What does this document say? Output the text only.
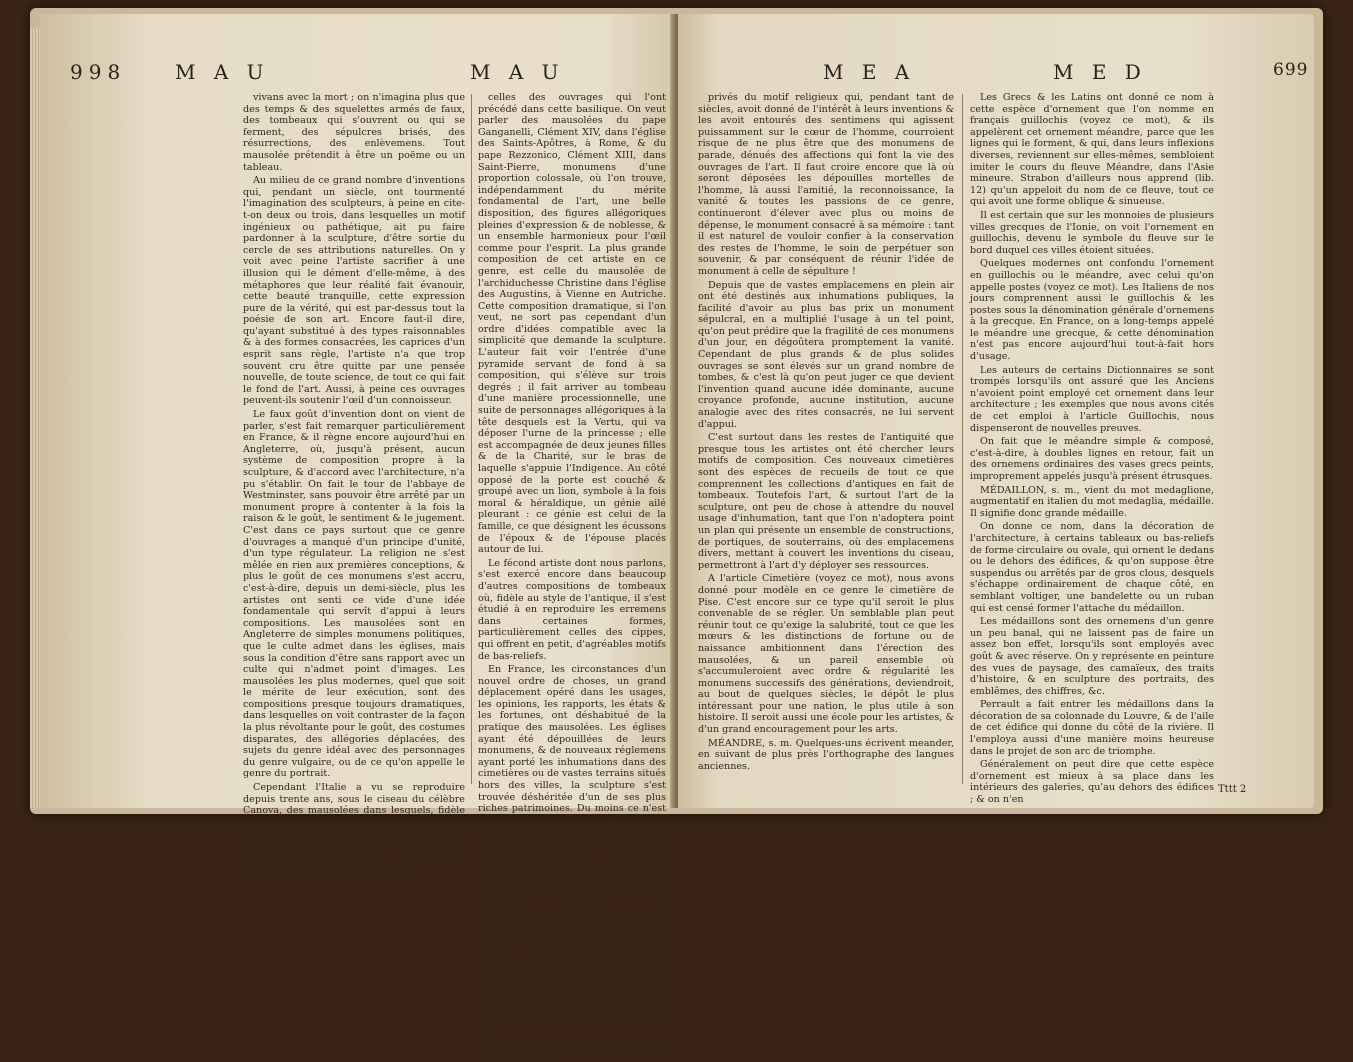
998 M A U	M A U

vivans avec la mort ; on n'imagina plus que des temps & des squelettes armés de faux, des tombeaux qui s'ouvrent ou qui se ferment, des sépulcres brisés, des résurrections, des enlèvemens. Tout mausolée prétendit à être un poëme ou un tableau.

Au milieu de ce grand nombre d'inventions qui, pendant un siècle, ont tourmenté l'imagination des sculpteurs, à peine en cite-t-on deux ou trois, dans lesquelles un motif ingénieux ou pathétique, ait pu faire pardonner à la sculpture, d'être sortie du cercle de ses attributions naturelles. On y voit avec peine l'artiste sacrifier à une illusion qui le dément d'elle-même, à des métaphores que leur réalité fait évanouir, cette beauté tranquille, cette expression pure de la vérité, qui est par-dessus tout la poésie de son art. Encore faut-il dire, qu'ayant substitué à des types raisonnables & à des formes consacrées, les caprices d'un esprit sans règle, l'artiste n'a que trop souvent cru être quitte par une pensée nouvelle, de toute science, de tout ce qui fait le fond de l'art. Aussi, à peine ces ouvrages peuvent-ils soutenir l'œil d'un connoisseur.

Le faux goût d'invention dont on vient de parler, s'est fait remarquer particulièrement en France, & il règne encore aujourd'hui en Angleterre, où, jusqu'à présent, aucun système de composition propre à la sculpture, & d'accord avec l'architecture, n'a pu s'établir. On fait le tour de l'abbaye de Westminster, sans pouvoir être arrêté par un monument propre à contenter à la fois la raison & le goût, le sentiment & le jugement. C'est dans ce pays surtout que ce genre d'ouvrages a manqué d'un principe d'unité, d'un type régulateur. La religion ne s'est mêlée en rien aux premières conceptions, & plus le goût de ces monumens s'est accru, c'est-à-dire, depuis un demi-siècle, plus les artistes ont senti ce vide d'une idée fondamentale qui servît d'appui à leurs compositions. Les mausolées sont en Angleterre de simples monumens politiques, que le culte admet dans les églises, mais sous la condition d'être sans rapport avec un culte qui n'admet point d'images. Les mausolées les plus modernes, quel que soit le mérite de leur exécution, sont des compositions presque toujours dramatiques, dans lesquelles on voit contraster de la façon la plus révoltante pour le goût, des costumes disparates, des allégories déplacées, des sujets du genre idéal avec des personnages du genre vulgaire, ou de ce qu'on appelle le genre du portrait.

Cependant l'Italie a vu se reproduire depuis trente ans, sous le ciseau du célèbre Canova, des mausolées dans lesquels, fidèle au type des monumens de Saint-Pierre, ce grand artiste, rénovateur du goût & du style de l'antique, a su mêler à des compositions simples & grandioses, une manière plus correcte, des formes plus pures que

celles des ouvrages qui l'ont précédé dans cette basilique. On veut parler des mausolées du pape Ganganelli, Clément XIV, dans l'église des Saints-Apôtres, à Rome, & du pape Rezzonico, Clément XIII, dans Saint-Pierre, monumens d'une proportion colossale, où l'on trouve, indépendamment du mérite fondamental de l'art, une belle disposition, des figures allégoriques pleines d'expression & de noblesse, & un ensemble harmonieux pour l'œil comme pour l'esprit. La plus grande composition de cet artiste en ce genre, est celle du mausolée de l'archiduchesse Christine dans l'église des Augustins, à Vienne en Autriche. Cette composition dramatique, si l'on veut, ne sort pas cependant d'un ordre d'idées compatible avec la simplicité que demande la sculpture. L'auteur fait voir l'entrée d'une pyramide servant de fond à sa composition, qui s'élève sur trois degrés ; il fait arriver au tombeau d'une manière processionnelle, une suite de personnages allégoriques à la tête desquels est la Vertu, qui va déposer l'urne de la princesse ; elle est accompagnée de deux jeunes filles & de la Charité, sur le bras de laquelle s'appuie l'Indigence. Au côté opposé de la porte est couché & groupé avec un lion, symbole à la fois moral & héraldique, un génie ailé pleurant : ce génie est celui de la famille, ce que désignent les écussons de l'époux & de l'épouse placés autour de lui.

Le fécond artiste dont nous parlons, s'est exercé encore dans beaucoup d'autres compositions de tombeaux où, fidèle au style de l'antique, il s'est étudié à en reproduire les erremens dans certaines formes, particulièrement celles des cippes, qui offrent en petit, d'agréables motifs de bas-reliefs.

En France, les circonstances d'un nouvel ordre de choses, un grand déplacement opéré dans les usages, les opinions, les rapports, les états & les fortunes, ont déshabitué de la pratique des mausolées. Les églises ayant été dépouillées de leurs monumens, & de nouveaux réglemens ayant porté les inhumations dans des cimetières ou de vastes terrains situés hors des villes, la sculpture s'est trouvée déshéritée d'un de ses plus riches patrimoines. Du moins ce n'est plus que par des exceptions assez rares, que quelque inhumation peut avoir lieu dans les églises, & fournir l'occasion de quelque mausolée un peu important.

Si, dans ces circonstances, on peut former un vœu, c'est que les mausolées déplacés, qui probablement seront rétablis dans les lieux saints, & n'y seront plus que des cénotaphes, fassent infensiblement rentrer la sculpture dans son ancienne attribution. L'exemple des monumens ainsi rendu à leur premier emploi, pourra engager à en faire de semblables qui ne seront plus qu'honorifiques, puisque le corps des personnages ne les accompagnera pas.

Cependant, il faut le dire, ces monumens ainsi

M E A	M E D	699

privés du motif religieux qui, pendant tant de siècles, avoit donné de l'intérêt à leurs inventions & les avoit entourés des sentimens qui agissent puissamment sur le cœur de l'homme, courroient risque de ne plus être que des monumens de parade, dénués des affections qui font la vie des ouvrages de l'art. Il faut croire encore que là où seront déposées les dépouilles mortelles de l'homme, là aussi l'amitié, la reconnoissance, la vanité & toutes les passions de ce genre, continueront d'élever avec plus ou moins de dépense, le monument consacré à sa mémoire : tant il est naturel de vouloir confier à la conservation des restes de l'homme, le soin de perpétuer son souvenir, & par conséquent de réunir l'idée de monument à celle de sépulture !

Depuis que de vastes emplacemens en plein air ont été destinés aux inhumations publiques, la facilité d'avoir au plus bas prix un monument sépulcral, en a multiplié l'usage à un tel point, qu'on peut prédire que la fragilité de ces monumens d'un jour, en dégoûtera promptement la vanité. Cependant de plus grands & de plus solides ouvrages se sont élevés sur un grand nombre de tombes, & c'est là qu'on peut juger ce que devient l'invention quand aucune idée dominante, aucune croyance profonde, aucune institution, aucune analogie avec des rites consacrés, ne lui servent d'appui.

C'est surtout dans les restes de l'antiquité que presque tous les artistes ont été chercher leurs motifs de composition. Ces nouveaux cimetières sont des espèces de recueils de tout ce que comprennent les collections d'antiques en fait de tombeaux. Toutefois l'art, & surtout l'art de la sculpture, ont peu de chose à attendre du nouvel usage d'inhumation, tant que l'on n'adoptera point un plan qui présente un ensemble de constructions, de portiques, de souterrains, où des emplacemens divers, mettant à couvert les inventions du ciseau, permettront à l'art d'y déployer ses ressources.

A l'article Cimetière (voyez ce mot), nous avons donné pour modèle en ce genre le cimetière de Pise. C'est encore sur ce type qu'il seroit le plus convenable de se régler. Un semblable plan peut réunir tout ce qu'exige la salubrité, tout ce que les mœurs & les distinctions de fortune ou de naissance ambitionnent dans l'érection des mausolées, & un pareil ensemble où s'accumuleroient avec ordre & régularité les monumens successifs des générations, deviendroit, au bout de quelques siècles, le dépôt le plus intéressant pour une nation, le plus utile à son histoire. Il seroit aussi une école pour les artistes, & d'un grand encouragement pour les arts.

MÉANDRE, s. m. Quelques-uns écrivent meander, en suivant de plus près l'orthographe des langues anciennes.

Les Grecs & les Latins ont donné ce nom à cette espèce d'ornement que l'on nomme en français guillochis (voyez ce mot), & ils appelèrent cet ornement méandre, parce que les lignes qui le forment, & qui, dans leurs inflexions diverses, reviennent sur elles-mêmes, sembloient imiter le cours du fleuve Méandre, dans l'Asie mineure. Strabon d'ailleurs nous apprend (lib. 12) qu'un appeloit du nom de ce fleuve, tout ce qui avoit une forme oblique & sinueuse.

Il est certain que sur les monnoies de plusieurs villes grecques de l'Ionie, on voit l'ornement en guillochis, devenu le symbole du fleuve sur le bord duquel ces villes étoient situées.

Quelques modernes ont confondu l'ornement en guillochis ou le méandre, avec celui qu'on appelle postes (voyez ce mot). Les Italiens de nos jours comprennent aussi le guillochis & les postes sous la dénomination générale d'ornemens à la grecque. En France, on a long-temps appelé le méandre une grecque, & cette dénomination n'est pas encore aujourd'hui tout-à-fait hors d'usage.

Les auteurs de certains Dictionnaires se sont trompés lorsqu'ils ont assuré que les Anciens n'avoient point employé cet ornement dans leur architecture ; les exemples que nous avons cités de cet emploi à l'article Guillochis, nous dispenseront de nouvelles preuves.

On fait que le méandre simple & composé, c'est-à-dire, à doubles lignes en retour, fait un des ornemens ordinaires des vases grecs peints, improprement appelés jusqu'à présent étrusques.

MÉDAILLON, s. m., vient du mot medaglione, augmentatif en italien du mot medaglia, médaille. Il signifie donc grande médaille.

On donne ce nom, dans la décoration de l'architecture, à certains tableaux ou bas-reliefs de forme circulaire ou ovale, qui ornent le dedans ou le dehors des édifices, & qu'on suppose être suspendus ou arrêtés par de gros clous, desquels s'échappe ordinairement de chaque côté, en semblant voltiger, une bandelette ou un ruban qui est censé former l'attache du médaillon.

Les médaillons sont des ornemens d'un genre un peu banal, qui ne laissent pas de faire un assez bon effet, lorsqu'ils sont employés avec goût & avec réserve. On y représente en peinture des vues de paysage, des camaïeux, des traits d'histoire, & en sculpture des portraits, des emblêmes, des chiffres, &c.

Perrault a fait entrer les médaillons dans la décoration de sa colonnade du Louvre, & de l'aile de cet édifice qui donne du côté de la rivière. Il l'employa aussi d'une manière moins heureuse dans le projet de son arc de triomphe.

Généralement on peut dire que cette espèce d'ornement est mieux à sa place dans les intérieurs des galeries, qu'au dehors des édifices ; & on n'en

Tttt 2
